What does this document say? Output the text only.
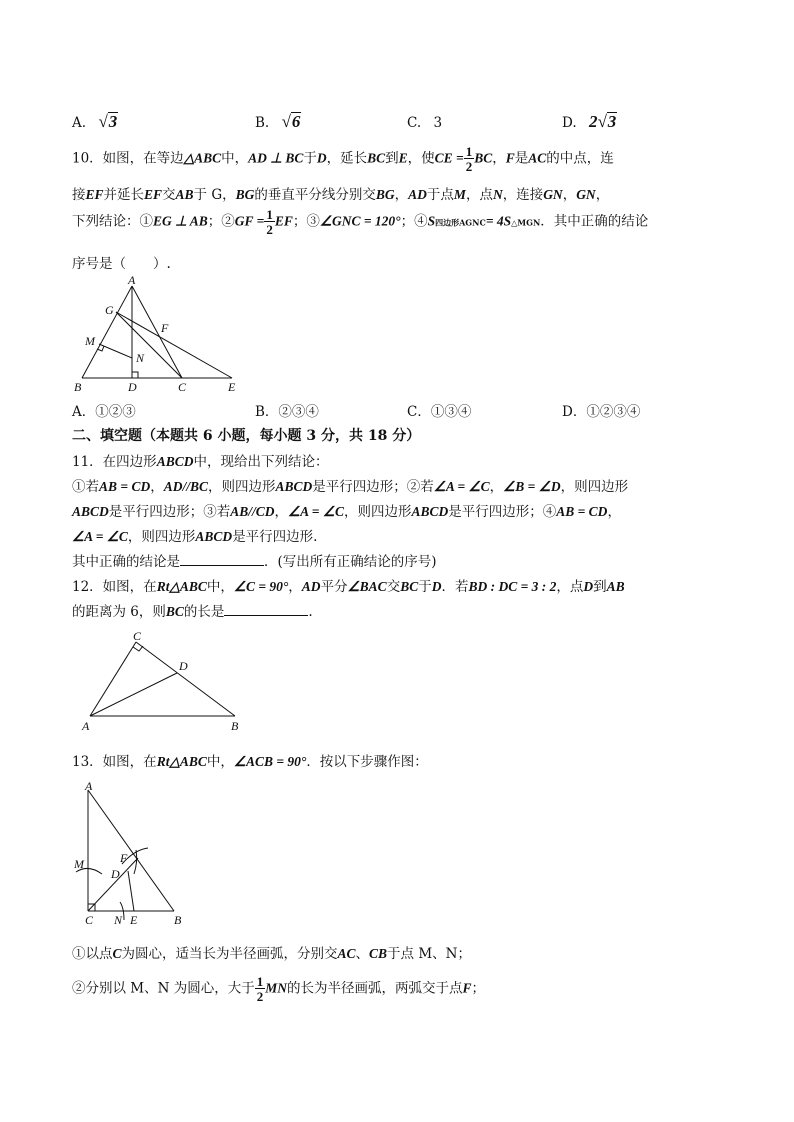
A. √3	B. √6	C. 3	D. 2√3
10．如图，在等边△ABC中，AD ⊥ BC于D，延长BC到E，使CE = $\frac{1}{2}$ BC，F是AC的中点，连
接EF并延长EF交AB于 G，BG的垂直平分线分别交BG，AD于点M，点N，连接GN，GN，
下列结论：①EG ⊥ AB；②GF = $\frac{1}{2}$ EF；③∠GNC = 120°；④S四边形AGNC= 4S△MGN．其中正确的结论
序号是（　　）.
A
G
F
M
N
B	D	C	E
A．①②③	B．②③④	C．①③④	D．①②③④
二、填空题（本题共 6 小题，每小题 3 分，共 18 分）
11．在四边形ABCD中，现给出下列结论：
①若AB = CD，AD//BC，则四边形ABCD是平行四边形；②若∠A = ∠C，∠B = ∠D，则四边形
ABCD是平行四边形；③若AB//CD，∠A = ∠C，则四边形ABCD是平行四边形；④AB = CD，
∠A = ∠C，则四边形ABCD是平行四边形.
其中正确的结论是	．(写出所有正确结论的序号)
12．如图，在Rt△ABC中，∠C = 90°，AD平分∠BAC交BC于D．若BD : DC = 3 : 2，点D到AB
的距离为 6，则BC的长是	.
C
D
A	B
13．如图，在Rt△ABC中，∠ACB = 90°．按以下步骤作图：
A
M	F
D
C N E	B
①以点C为圆心，适当长为半径画弧，分别交AC、CB于点 M、N；
②分别以 M、N 为圆心，大于 $\frac{1}{2}$ MN的长为半径画弧，两弧交于点F；
